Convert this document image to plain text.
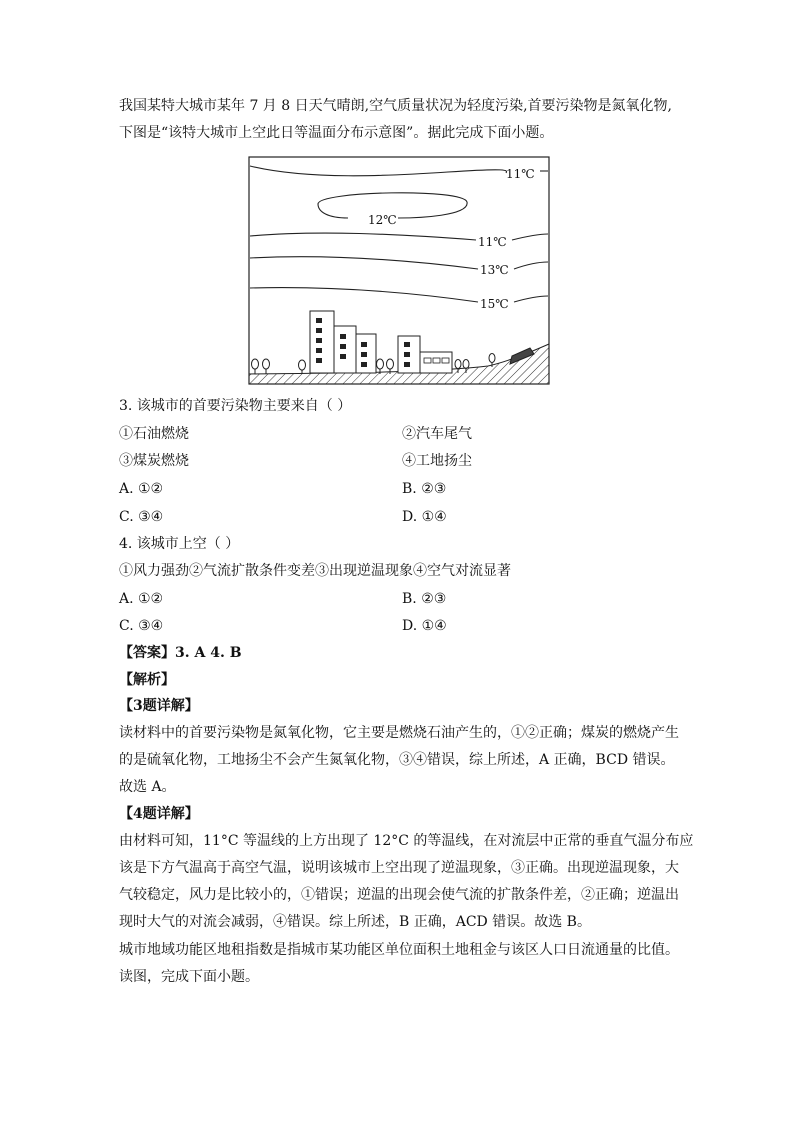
我国某特大城市某年 7 月 8 日天气晴朗,空气质量状况为轻度污染,首要污染物是氮氧化物,
下图是“该特大城市上空此日等温面分布示意图”。据此完成下面小题。
11℃
12℃
11℃
13℃
15℃
3. 该城市的首要污染物主要来自（ ）
①石油燃烧	②汽车尾气
③煤炭燃烧	④工地扬尘
A. ①②	B. ②③
C. ③④	D. ①④
4. 该城市上空（ ）
①风力强劲②气流扩散条件变差③出现逆温现象④空气对流显著
A. ①②	B. ②③
C. ③④	D. ①④
【答案】3. A 4. B
【解析】
【3题详解】
读材料中的首要污染物是氮氧化物，它主要是燃烧石油产生的，①②正确；煤炭的燃烧产生
的是硫氧化物，工地扬尘不会产生氮氧化物，③④错误，综上所述，A 正确，BCD 错误。
故选 A。
【4题详解】
由材料可知，11°C 等温线的上方出现了 12°C 的等温线，在对流层中正常的垂直气温分布应
该是下方气温高于高空气温，说明该城市上空出现了逆温现象，③正确。出现逆温现象，大
气较稳定，风力是比较小的，①错误；逆温的出现会使气流的扩散条件差，②正确；逆温出
现时大气的对流会减弱，④错误。综上所述，B 正确，ACD 错误。故选 B。
城市地域功能区地租指数是指城市某功能区单位面积土地租金与该区人口日流通量的比值。
读图，完成下面小题。
